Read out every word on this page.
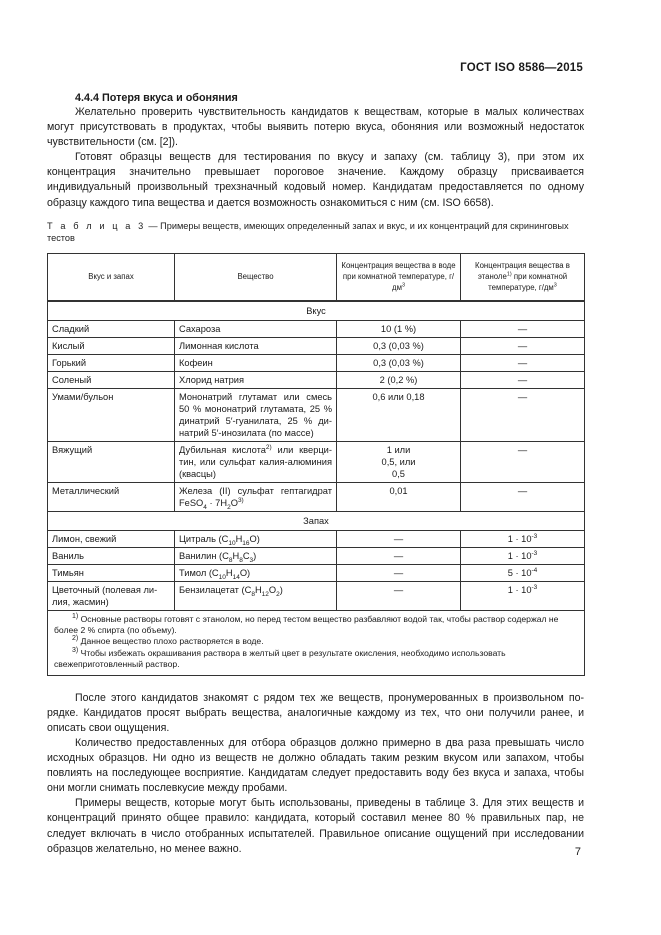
ГОСТ ISO 8586—2015
4.4.4 Потеря вкуса и обоняния

Желательно проверить чувствительность кандидатов к веществам, которые в малых количествах могут присутствовать в продуктах, чтобы выявить потерю вкуса, обоняния или возможный недостаток чувствительности (см. [2]).

Готовят образцы веществ для тестирования по вкусу и запаху (см. таблицу 3), при этом их концентрация значительно превышает пороговое значение. Каждому образцу присваивается индивидуальный произвольный трехзначный кодовый номер. Кандидатам предоставляется по одному образцу каждого типа вещества и дается возможность ознакомиться с ним (см. ISO 6658).

Т а б л и ц а 3 — Примеры веществ, имеющих определенный запах и вкус, и их концентраций для скрининговых тестов
Вкус и запах	Вещество	Концентрация вещества в воде при комнатной температуре, $г/дм^3$	Концентрация вещества в этаноле$^{1)}$ при комнатной температуре, $г/дм^3$
Вкус			
Сладкий	Сахароза	10 (1 %)	—
Кислый	Лимонная кислота	0,3 (0,03 %)	—
Горький	Кофеин	0,3 (0,03 %)	—
Соленый	Хлорид натрия	2 (0,2 %)	—
Умами/бульон	Мононатрий глутамат или смесь 50 % мононатрий глутамата, 25 % динатрий 5′-гуанилата, 25 % динатрий 5′-инозилата (по массе)	0,6 или 0,18	—
Вяжущий	Дубильная кислота$^{2)}$ или кверцитин, или сульфат калия-алюминия (квасцы)	1 или
0,5, или
0,5	—
Металлический	Железа (II) сульфат гептагидрат FeSO$_4$ · $7H_2O^{3)}$	0,01	—
Запах			
Лимон, свежий	Цитраль $(C_{10}H_{16}O)$	—	$1 \cdot 10^{-3}$
Ваниль	Ванилин $(C_8H_8C_3)$	—	$1 \cdot 10^{-3}$
Тимьян	Тимол $(C_{10}H_{14}O)$	—	$5 \cdot 10^{-4}$
Цветочный (полевая лилия, жасмин)	Бензилацетат $(C_8H_{12}O_2)$	—	$1 \cdot 10^{-3}$

$^{1)}$ Основные растворы готовят с этанолом, но перед тестом вещество разбавляют водой так, чтобы раствор содержал не более 2 % спирта (по объему).

$^{2)}$ Данное вещество плохо растворяется в воде.

$^{3)}$ Чтобы избежать окрашивания раствора в желтый цвет в результате окисления, необходимо использовать свежеприготовленный раствор.			

После этого кандидатов знакомят с рядом тех же веществ, пронумерованных в произвольном порядке. Кандидатов просят выбрать вещества, аналогичные каждому из тех, что они получили ранее, и описать свои ощущения.

Количество предоставленных для отбора образцов должно примерно в два раза превышать число исходных образцов. Ни одно из веществ не должно обладать таким резким вкусом или запахом, чтобы повлиять на последующее восприятие. Кандидатам следует предоставить воду без вкуса и запаха, чтобы они могли снимать послевкусие между пробами.

Примеры веществ, которые могут быть использованы, приведены в таблице 3. Для этих веществ и концентраций принято общее правило: кандидата, который составил менее 80 % правильных пар, не следует включать в число отобранных испытателей. Правильное описание ощущений при исследовании образцов желательно, но менее важно.	7
